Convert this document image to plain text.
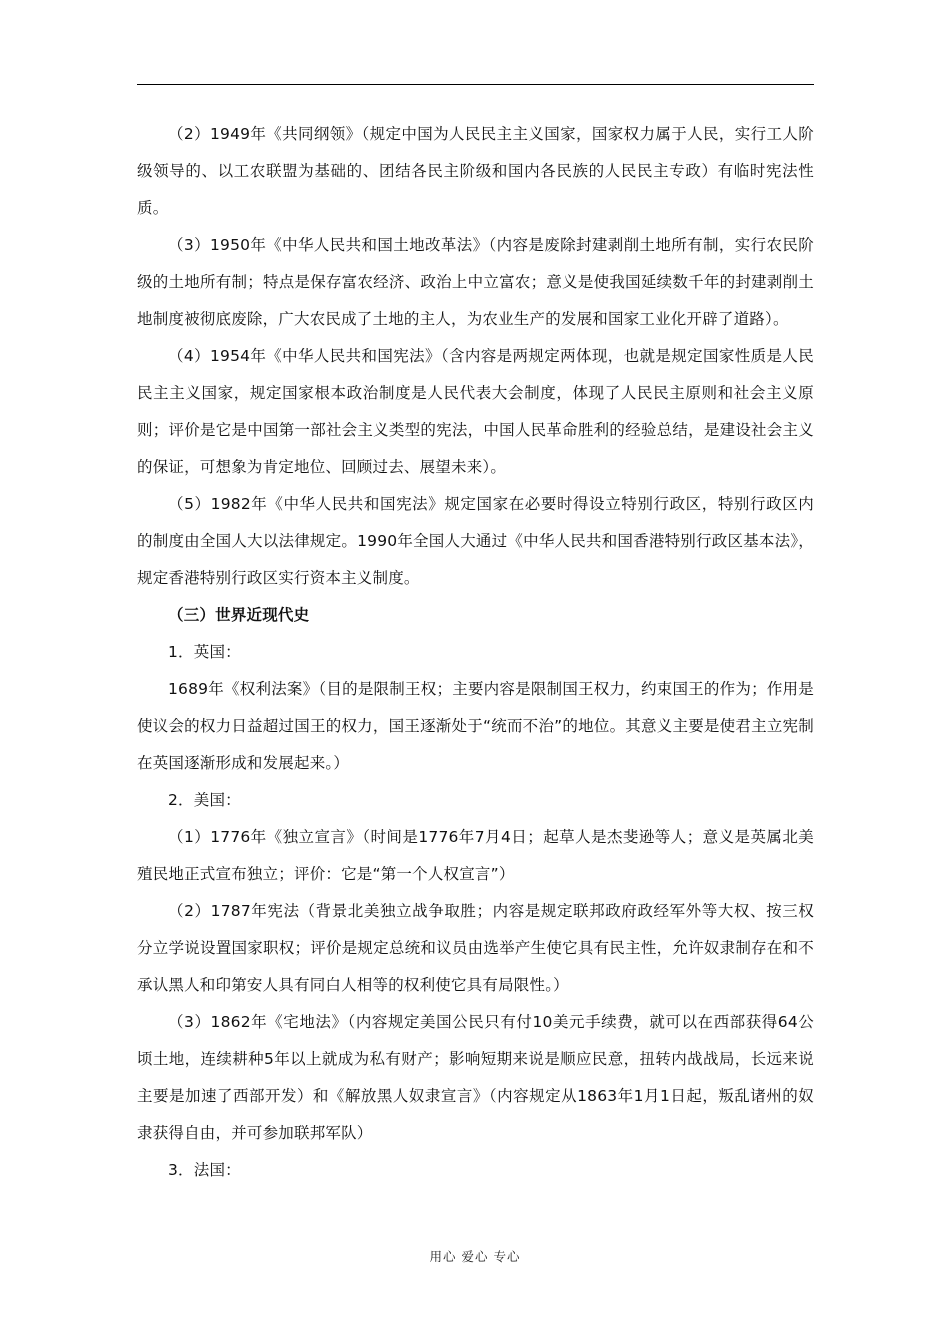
（2）1949年《共同纲领》（规定中国为人民民主主义国家，国家权力属于人民，实行工人阶级领导的、以工农联盟为基础的、团结各民主阶级和国内各民族的人民民主专政）有临时宪法性质。

（3）1950年《中华人民共和国土地改革法》（内容是废除封建剥削土地所有制，实行农民阶级的土地所有制；特点是保存富农经济、政治上中立富农；意义是使我国延续数千年的封建剥削土地制度被彻底废除，广大农民成了土地的主人，为农业生产的发展和国家工业化开辟了道路）。

（4）1954年《中华人民共和国宪法》（含内容是两规定两体现，也就是规定国家性质是人民民主主义国家，规定国家根本政治制度是人民代表大会制度，体现了人民民主原则和社会主义原则；评价是它是中国第一部社会主义类型的宪法，中国人民革命胜利的经验总结，是建设社会主义的保证，可想象为肯定地位、回顾过去、展望未来）。

（5）1982年《中华人民共和国宪法》规定国家在必要时得设立特别行政区，特别行政区内的制度由全国人大以法律规定。1990年全国人大通过《中华人民共和国香港特别行政区基本法》，规定香港特别行政区实行资本主义制度。

（三）世界近现代史

1．英国：

1689年《权利法案》（目的是限制王权；主要内容是限制国王权力，约束国王的作为；作用是使议会的权力日益超过国王的权力，国王逐渐处于“统而不治”的地位。其意义主要是使君主立宪制在英国逐渐形成和发展起来。）

2．美国：

（1）1776年《独立宣言》（时间是1776年7月4日；起草人是杰斐逊等人；意义是英属北美殖民地正式宣布独立；评价：它是“第一个人权宣言”）

（2）1787年宪法（背景北美独立战争取胜；内容是规定联邦政府政经军外等大权、按三权分立学说设置国家职权；评价是规定总统和议员由选举产生使它具有民主性，允许奴隶制存在和不承认黑人和印第安人具有同白人相等的权利使它具有局限性。）

（3）1862年《宅地法》（内容规定美国公民只有付10美元手续费，就可以在西部获得64公顷土地，连续耕种5年以上就成为私有财产；影响短期来说是顺应民意，扭转内战战局，长远来说主要是加速了西部开发）和《解放黑人奴隶宣言》（内容规定从1863年1月1日起，叛乱诸州的奴隶获得自由，并可参加联邦军队）

3．法国：

用心 爱心 专心
